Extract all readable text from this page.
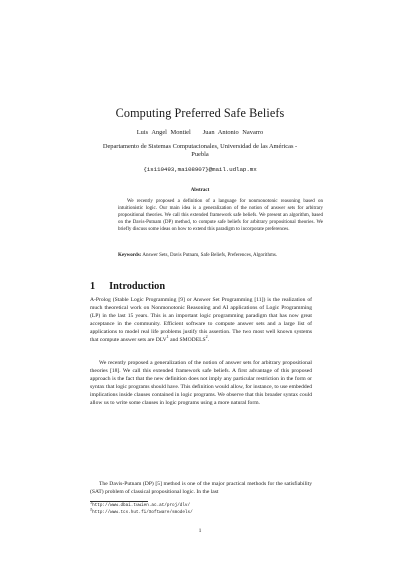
Computing Preferred Safe Beliefs
Luis Angel Montiel Juan Antonio Navarro
Departamento de Sistemas Computacionales, Universidad de las Américas - Puebla
{is110493,ma108907}@mail.udlap.mx
Abstract
We recently proposed a definition of a language for nonmonotonic reasoning based on intuitionistic logic. Our main idea is a generalization of the notion of answer sets for arbitrary propositional theories. We call this extended framework safe beliefs. We present an algorithm, based on the Davis-Putnam (DP) method, to compute safe beliefs for arbitrary propositional theories. We briefly discuss some ideas on how to extend this paradigm to incorporate preferences.
Keywords: Answer Sets, Davis Putnam, Safe Beliefs, Preferences, Algorithms.
1 Introduction
A-Prolog (Stable Logic Programming [9] or Answer Set Programming [11]) is the realization of much theoretical work on Nonmonotonic Reasoning and AI applications of Logic Programming (LP) in the last 15 years. This is an important logic programming paradigm that has now great acceptance in the community. Efficient software to compute answer sets and a large list of applications to model real life problems justify this assertion. The two most well known systems that compute answer sets are DLV$^1$ and SMODELS$^2$.
We recently proposed a generalization of the notion of answer sets for arbitrary propositional theories [18]. We call this extended framework safe beliefs. A first advantage of this proposed approach is the fact that the new definition does not imply any particular restriction in the form or syntax that logic programs should have. This definition would allow, for instance, to use embedded implications inside clauses contained in logic programs. We observe that this broader syntax could allow us to write some clauses in logic programs using a more natural form.
The Davis-Putnam (DP) [5] method is one of the major practical methods for the satisfiability (SAT) problem of classical propositional logic. In the last
$^1$http://www.dbai.tuwien.ac.at/proj/dlv/
$^2$http://www.tcs.hut.fi/Software/smodels/
1
